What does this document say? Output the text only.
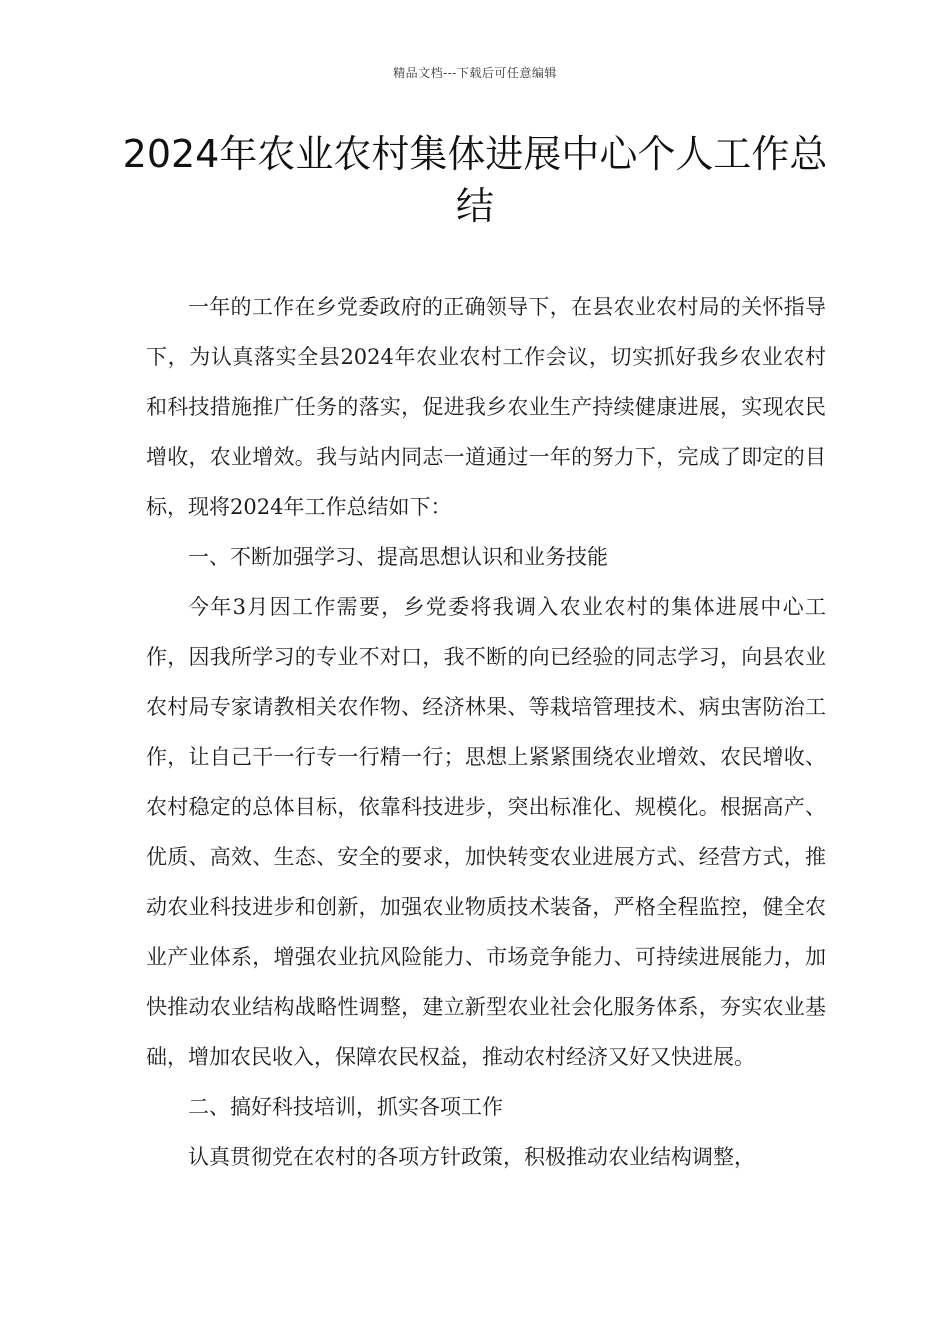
精品文档---下载后可任意编辑
2024年农业农村集体进展中心个人工作总结

一年的工作在乡党委政府的正确领导下，在县农业农村局的关怀指导下，为认真落实全县2024年农业农村工作会议，切实抓好我乡农业农村和科技措施推广任务的落实，促进我乡农业生产持续健康进展，实现农民增收，农业增效。我与站内同志一道通过一年的努力下，完成了即定的目标，现将2024年工作总结如下：

一、不断加强学习、提高思想认识和业务技能

今年3月因工作需要，乡党委将我调入农业农村的集体进展中心工作，因我所学习的专业不对口，我不断的向已经验的同志学习，向县农业农村局专家请教相关农作物、经济林果、等栽培管理技术、病虫害防治工作，让自己干一行专一行精一行；思想上紧紧围绕农业增效、农民增收、农村稳定的总体目标，依靠科技进步，突出标准化、规模化。根据高产、优质、高效、生态、安全的要求，加快转变农业进展方式、经营方式，推动农业科技进步和创新，加强农业物质技术装备，严格全程监控，健全农业产业体系，增强农业抗风险能力、市场竞争能力、可持续进展能力，加快推动农业结构战略性调整，建立新型农业社会化服务体系，夯实农业基础，增加农民收入，保障农民权益，推动农村经济又好又快进展。

二、搞好科技培训，抓实各项工作

认真贯彻党在农村的各项方针政策，积极推动农业结构调整，
